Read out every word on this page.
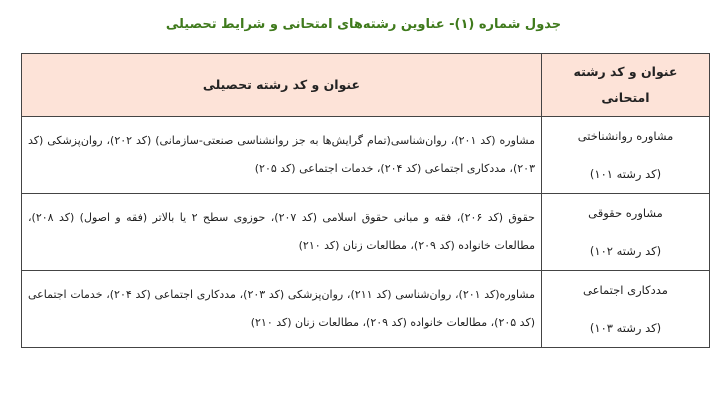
جدول شماره (۱)- عناوین رشته‌های امتحانی و شرایط تحصیلی
عنوان و کد رشته امتحانی	عنوان و کد رشته تحصیلی

مشاوره روانشناختی
(کد رشته ۱۰۱)	مشاوره (کد ۲۰۱)، روان‌شناسی(تمام گرایش‌ها به جز روانشناسی صنعتی-سازمانی) (کد ۲۰۲)، روان‌پزشکی (کد ۲۰۳)، مددکاری اجتماعی (کد ۲۰۴)، خدمات اجتماعی (کد ۲۰۵)

مشاوره حقوقی
(کد رشته ۱۰۲)	حقوق (کد ۲۰۶)، فقه و مبانی حقوق اسلامی (کد ۲۰۷)، حوزوی سطح ۲ یا بالاتر (فقه و اصول) (کد ۲۰۸)، مطالعات خانواده (کد ۲۰۹)، مطالعات زنان (کد ۲۱۰)

مددکاری اجتماعی
(کد رشته ۱۰۳)	مشاوره(کد ۲۰۱)، روان‌شناسی (کد ۲۱۱)، روان‌پزشکی (کد ۲۰۳)، مددکاری اجتماعی (کد ۲۰۴)، خدمات اجتماعی (کد ۲۰۵)، مطالعات خانواده (کد ۲۰۹)، مطالعات زنان (کد ۲۱۰)
